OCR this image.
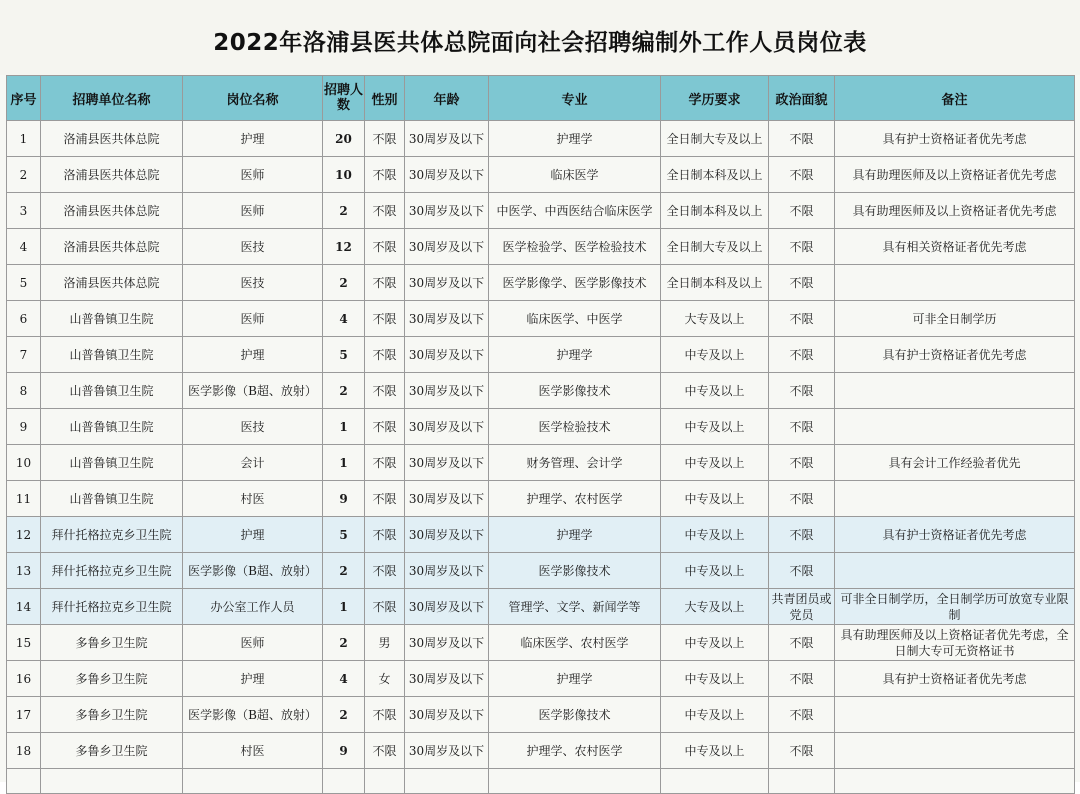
2022年洛浦县医共体总院面向社会招聘编制外工作人员岗位表
序号	招聘单位名称	岗位名称	招聘人数	性别	年龄	专业	学历要求	政治面貌	备注
1	洛浦县医共体总院	护理	20	不限	30周岁及以下	护理学	全日制大专及以上	不限	具有护士资格证者优先考虑
2	洛浦县医共体总院	医师	10	不限	30周岁及以下	临床医学	全日制本科及以上	不限	具有助理医师及以上资格证者优先考虑
3	洛浦县医共体总院	医师	2	不限	30周岁及以下	中医学、中西医结合临床医学	全日制本科及以上	不限	具有助理医师及以上资格证者优先考虑
4	洛浦县医共体总院	医技	12	不限	30周岁及以下	医学检验学、医学检验技术	全日制大专及以上	不限	具有相关资格证者优先考虑
5	洛浦县医共体总院	医技	2	不限	30周岁及以下	医学影像学、医学影像技术	全日制本科及以上	不限	
6	山普鲁镇卫生院	医师	4	不限	30周岁及以下	临床医学、中医学	大专及以上	不限	可非全日制学历
7	山普鲁镇卫生院	护理	5	不限	30周岁及以下	护理学	中专及以上	不限	具有护士资格证者优先考虑
8	山普鲁镇卫生院	医学影像（B超、放射）	2	不限	30周岁及以下	医学影像技术	中专及以上	不限	
9	山普鲁镇卫生院	医技	1	不限	30周岁及以下	医学检验技术	中专及以上	不限	
10	山普鲁镇卫生院	会计	1	不限	30周岁及以下	财务管理、会计学	中专及以上	不限	具有会计工作经验者优先
11	山普鲁镇卫生院	村医	9	不限	30周岁及以下	护理学、农村医学	中专及以上	不限	
12	拜什托格拉克乡卫生院	护理	5	不限	30周岁及以下	护理学	中专及以上	不限	具有护士资格证者优先考虑
13	拜什托格拉克乡卫生院	医学影像（B超、放射）	2	不限	30周岁及以下	医学影像技术	中专及以上	不限	
14	拜什托格拉克乡卫生院	办公室工作人员	1	不限	30周岁及以下	管理学、文学、新闻学等	大专及以上	共青团员或党员	可非全日制学历，全日制学历可放宽专业限制
15	多鲁乡卫生院	医师	2	男	30周岁及以下	临床医学、农村医学	中专及以上	不限	具有助理医师及以上资格证者优先考虑，全日制大专可无资格证书
16	多鲁乡卫生院	护理	4	女	30周岁及以下	护理学	中专及以上	不限	具有护士资格证者优先考虑
17	多鲁乡卫生院	医学影像（B超、放射）	2	不限	30周岁及以下	医学影像技术	中专及以上	不限	
18	多鲁乡卫生院	村医	9	不限	30周岁及以下	护理学、农村医学	中专及以上	不限	
